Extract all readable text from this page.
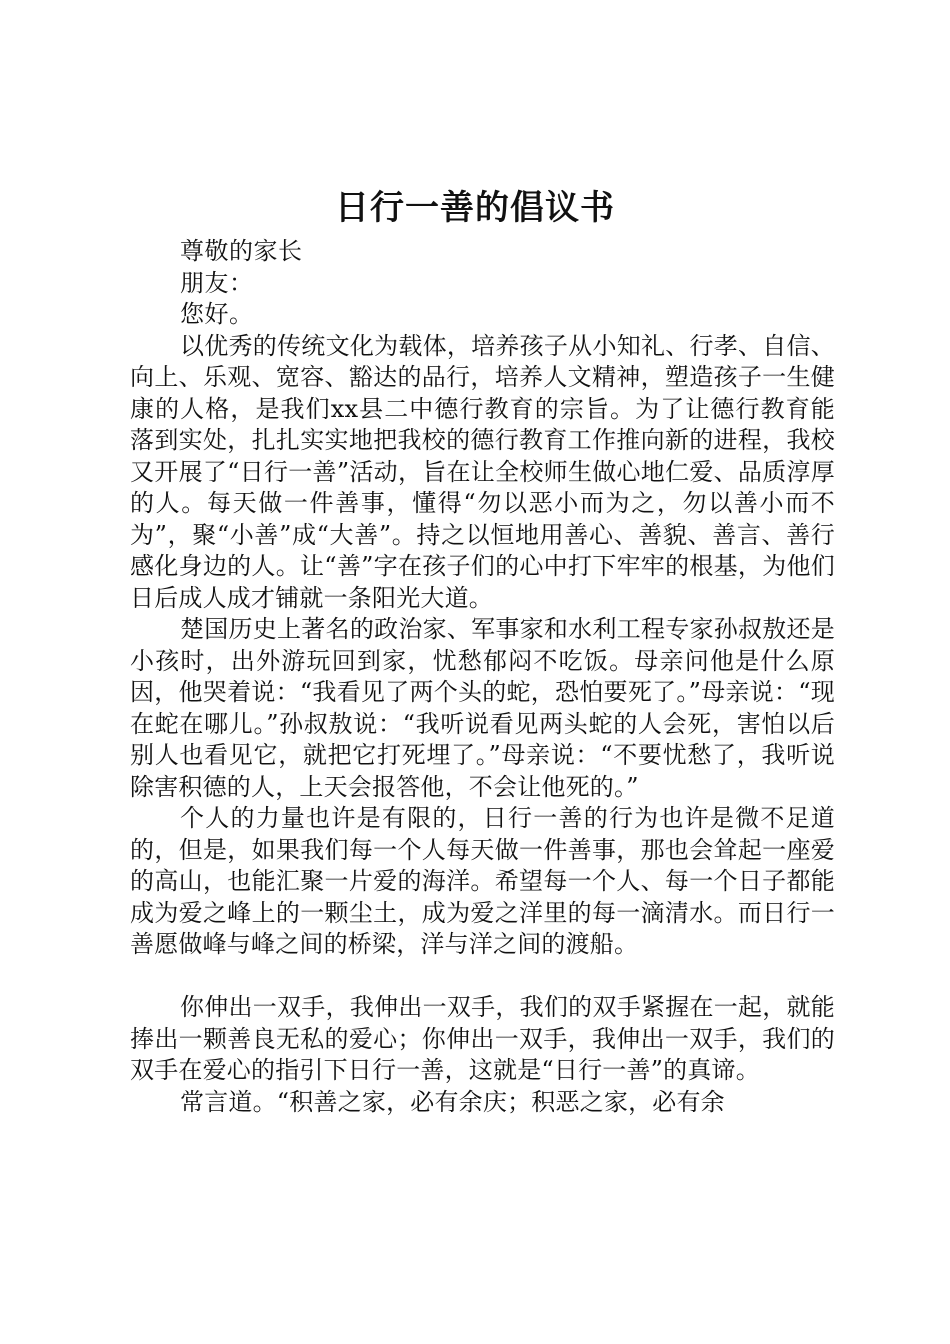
日行一善的倡议书

尊敬的家长

朋友：

您好。

以优秀的传统文化为载体，培养孩子从小知礼、行孝、自信、向上、乐观、宽容、豁达的品行，培养人文精神，塑造孩子一生健康的人格，是我们xx县二中德行教育的宗旨。为了让德行教育能落到实处，扎扎实实地把我校的德行教育工作推向新的进程，我校又开展了“日行一善”活动，旨在让全校师生做心地仁爱、品质淳厚的人。每天做一件善事，懂得“勿以恶小而为之，勿以善小而不为”，聚“小善”成“大善”。持之以恒地用善心、善貌、善言、善行感化身边的人。让“善”字在孩子们的心中打下牢牢的根基，为他们日后成人成才铺就一条阳光大道。

楚国历史上著名的政治家、军事家和水利工程专家孙叔敖还是小孩时，出外游玩回到家，忧愁郁闷不吃饭。母亲问他是什么原因，他哭着说：“我看见了两个头的蛇，恐怕要死了。”母亲说：“现在蛇在哪儿。”孙叔敖说：“我听说看见两头蛇的人会死，害怕以后别人也看见它，就把它打死埋了。”母亲说：“不要忧愁了，我听说除害积德的人，上天会报答他，不会让他死的。”

个人的力量也许是有限的，日行一善的行为也许是微不足道的，但是，如果我们每一个人每天做一件善事，那也会耸起一座爱的高山，也能汇聚一片爱的海洋。希望每一个人、每一个日子都能成为爱之峰上的一颗尘土，成为爱之洋里的每一滴清水。而日行一善愿做峰与峰之间的桥梁，洋与洋之间的渡船。

你伸出一双手，我伸出一双手，我们的双手紧握在一起，就能捧出一颗善良无私的爱心；你伸出一双手，我伸出一双手，我们的双手在爱心的指引下日行一善，这就是“日行一善”的真谛。

常言道。“积善之家，必有余庆；积恶之家，必有余
